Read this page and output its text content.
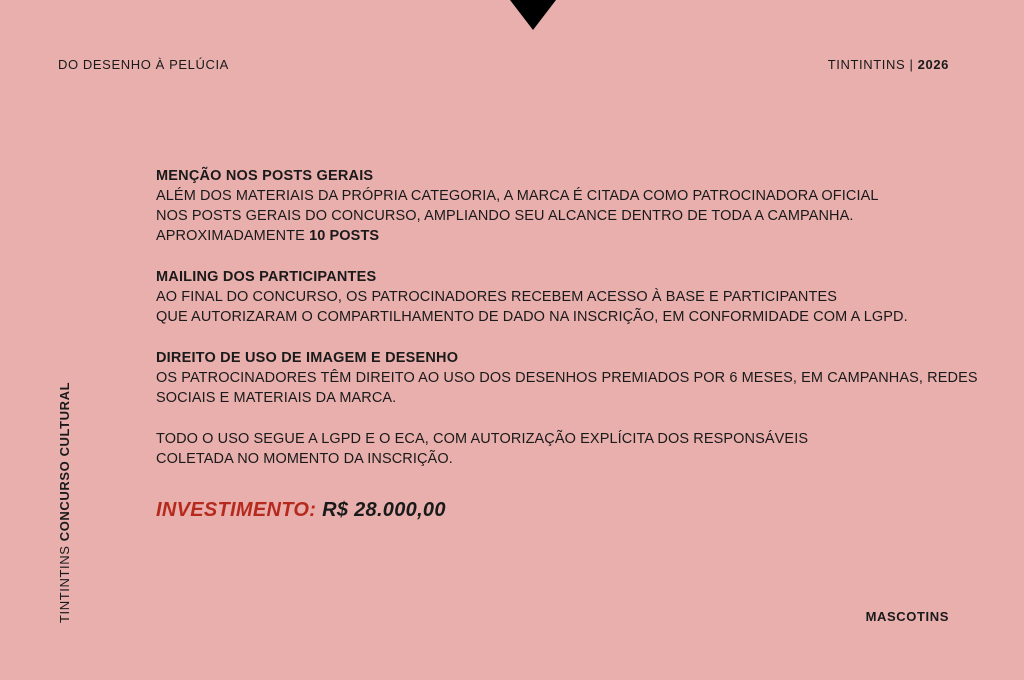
DO DESENHO À PELÚCIA	TINTINTINS | 2026
TINTINTINS CONCURSO CULTURAL
MENÇÃO NOS POSTS GERAIS
ALÉM DOS MATERIAIS DA PRÓPRIA CATEGORIA, A MARCA É CITADA COMO PATROCINADORA OFICIAL
NOS POSTS GERAIS DO CONCURSO, AMPLIANDO SEU ALCANCE DENTRO DE TODA A CAMPANHA.
APROXIMADAMENTE 10 POSTS
MAILING DOS PARTICIPANTES
AO FINAL DO CONCURSO, OS PATROCINADORES RECEBEM ACESSO À BASE E PARTICIPANTES
QUE AUTORIZARAM O COMPARTILHAMENTO DE DADO NA INSCRIÇÃO, EM CONFORMIDADE COM A LGPD.
DIREITO DE USO DE IMAGEM E DESENHO
OS PATROCINADORES TÊM DIREITO AO USO DOS DESENHOS PREMIADOS POR 6 MESES, EM CAMPANHAS, REDES
SOCIAIS E MATERIAIS DA MARCA.
TODO O USO SEGUE A LGPD E O ECA, COM AUTORIZAÇÃO EXPLÍCITA DOS RESPONSÁVEIS
COLETADA NO MOMENTO DA INSCRIÇÃO.
INVESTIMENTO: R$ 28.000,00
MASCOTINS
